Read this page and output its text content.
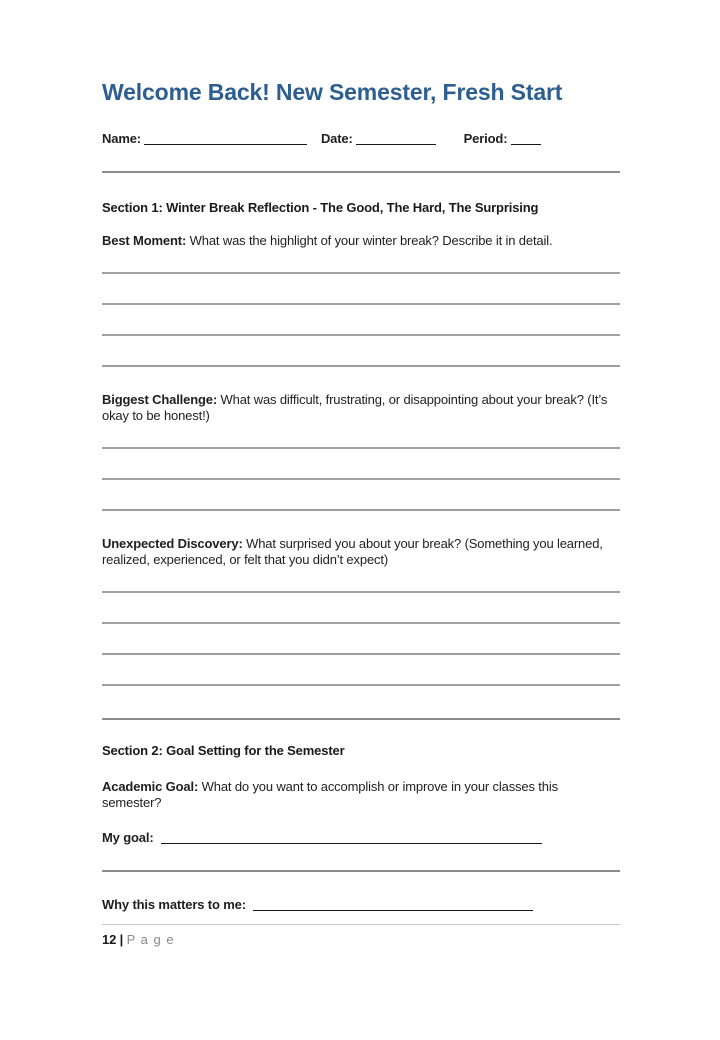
Welcome Back! New Semester, Fresh Start
Name:	Date:	Period:
Section 1: Winter Break Reflection - The Good, The Hard, The Surprising

Best Moment: What was the highlight of your winter break? Describe it in detail.

Biggest Challenge: What was difficult, frustrating, or disappointing about your break? (It’s okay to be honest!)

Unexpected Discovery: What surprised you about your break? (Something you learned, realized, experienced, or felt that you didn’t expect)

Section 2: Goal Setting for the Semester

Academic Goal: What do you want to accomplish or improve in your classes this semester?

My goal:
Why this matters to me:
12 | P a g e
